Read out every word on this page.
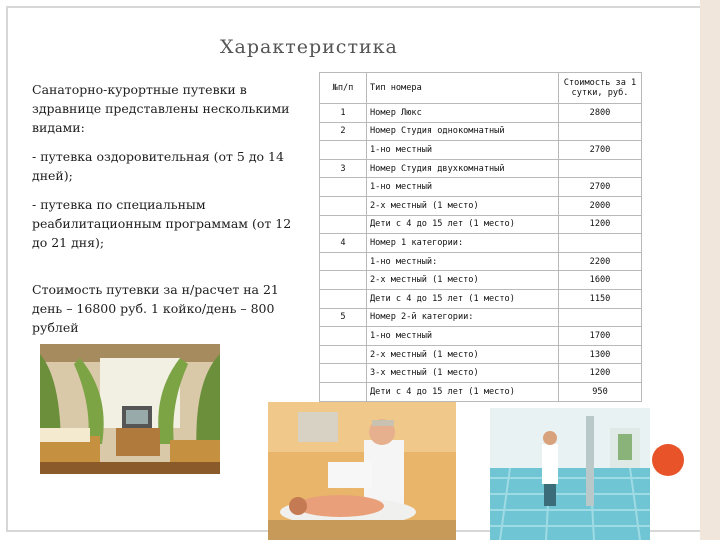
Характеристика

Санаторно-курортные путевки в здравнице представлены несколькими видами:

- путевка оздоровительная (от 5 до 14 дней);

- путевка по специальным реабилитационным программам (от 12 до 21 дня);

Стоимость путевки за н/расчет на 21 день – 16800 руб. 1 койко/день – 800 рублей

№п/п	Тип номера	Стоимость за 1 сутки, руб.
1	Номер Люкс	2800
2	Номер Студия однокомнатный	
	1-но местный	2700
3	Номер Студия двухкомнатный	
	1-но местный	2700
	2-х местный (1 место)	2000
	Дети с 4 до 15 лет (1 место)	1200
4	Номер 1 категории:	
	1-но местный:	2200
	2-х местный (1 место)	1600
	Дети с 4 до 15 лет (1 место)	1150
5	Номер 2-й категории:	
	1-но местный	1700
	2-х местный (1 место)	1300
	3-х местный (1 место)	1200
	Дети с 4 до 15 лет (1 место)	950
